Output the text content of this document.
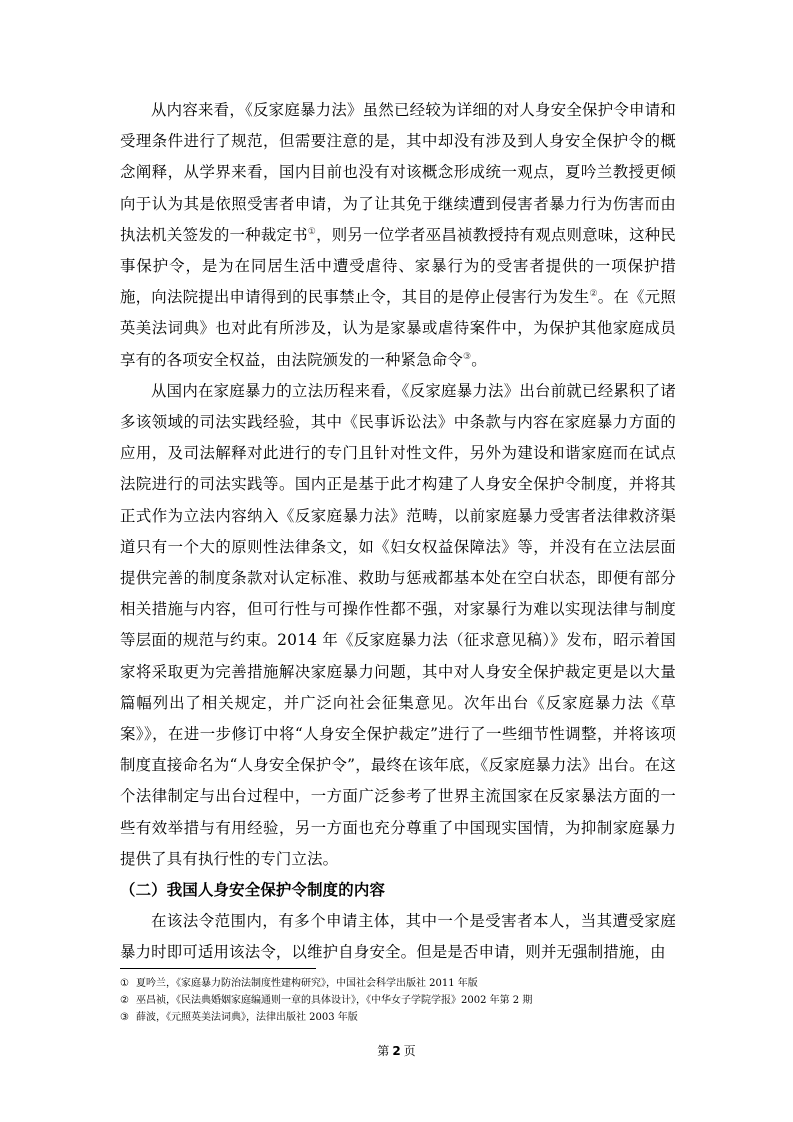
从内容来看，《反家庭暴力法》虽然已经较为详细的对人身安全保护令申请和受理条件进行了规范，但需要注意的是，其中却没有涉及到人身安全保护令的概念阐释，从学界来看，国内目前也没有对该概念形成统一观点，夏吟兰教授更倾向于认为其是依照受害者申请，为了让其免于继续遭到侵害者暴力行为伤害而由执法机关签发的一种裁定书①，则另一位学者巫昌祯教授持有观点则意味，这种民事保护令，是为在同居生活中遭受虐待、家暴行为的受害者提供的一项保护措施，向法院提出申请得到的民事禁止令，其目的是停止侵害行为发生②。在《元照英美法词典》也对此有所涉及，认为是家暴或虐待案件中，为保护其他家庭成员享有的各项安全权益，由法院颁发的一种紧急命令③。

从国内在家庭暴力的立法历程来看，《反家庭暴力法》出台前就已经累积了诸多该领域的司法实践经验，其中《民事诉讼法》中条款与内容在家庭暴力方面的应用，及司法解释对此进行的专门且针对性文件，另外为建设和谐家庭而在试点法院进行的司法实践等。国内正是基于此才构建了人身安全保护令制度，并将其正式作为立法内容纳入《反家庭暴力法》范畴，以前家庭暴力受害者法律救济渠道只有一个大的原则性法律条文，如《妇女权益保障法》等，并没有在立法层面提供完善的制度条款对认定标准、救助与惩戒都基本处在空白状态，即便有部分相关措施与内容，但可行性与可操作性都不强，对家暴行为难以实现法律与制度等层面的规范与约束。2014 年《反家庭暴力法（征求意见稿）》发布，昭示着国家将采取更为完善措施解决家庭暴力问题，其中对人身安全保护裁定更是以大量篇幅列出了相关规定，并广泛向社会征集意见。次年出台《反家庭暴力法《草案》》，在进一步修订中将“人身安全保护裁定”进行了一些细节性调整，并将该项制度直接命名为“人身安全保护令”，最终在该年底，《反家庭暴力法》出台。在这个法律制定与出台过程中，一方面广泛参考了世界主流国家在反家暴法方面的一些有效举措与有用经验，另一方面也充分尊重了中国现实国情，为抑制家庭暴力提供了具有执行性的专门立法。

（二）我国人身安全保护令制度的内容

在该法令范围内，有多个申请主体，其中一个是受害者本人，当其遭受家庭暴力时即可适用该法令，以维护自身安全。但是是否申请，则并无强制措施，由

① 夏吟兰，《家庭暴力防治法制度性建构研究》，中国社会科学出版社 2011 年版

② 巫昌祯，《民法典婚姻家庭编通则一章的具体设计》，《中华女子学院学报》2002 年第 2 期

③ 薛波，《元照英美法词典》，法律出版社 2003 年版

第 2 页
